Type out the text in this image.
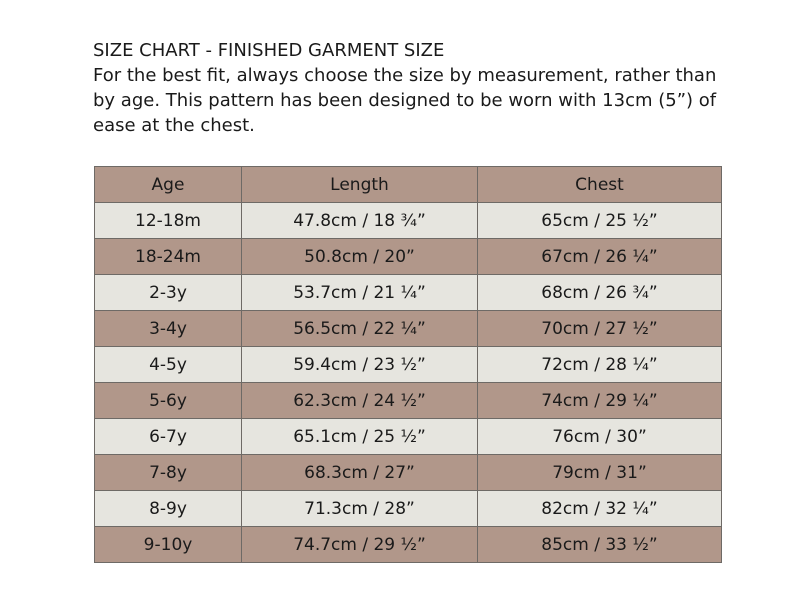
SIZE CHART - FINISHED GARMENT SIZE

For the best fit, always choose the size by measurement, rather than by age. This pattern has been designed to be worn with 13cm (5”) of ease at the chest.

Age	Length	Chest
12-18m	47.8cm / 18 ¾”	65cm / 25 ½”
18-24m	50.8cm / 20”	67cm / 26 ¼”
2-3y	53.7cm / 21 ¼”	68cm / 26 ¾”
3-4y	56.5cm / 22 ¼”	70cm / 27 ½”
4-5y	59.4cm / 23 ½”	72cm / 28 ¼”
5-6y	62.3cm / 24 ½”	74cm / 29 ¼”
6-7y	65.1cm / 25 ½”	76cm / 30”
7-8y	68.3cm / 27”	79cm / 31”
8-9y	71.3cm / 28”	82cm / 32 ¼”
9-10y	74.7cm / 29 ½”	85cm / 33 ½”
